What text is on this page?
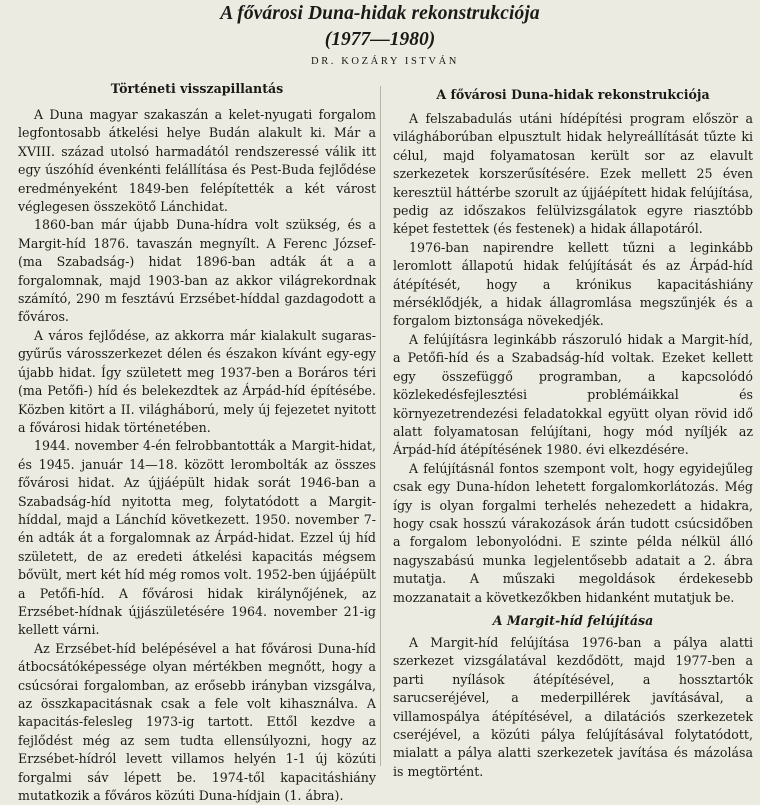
A fővárosi Duna-hidak rekonstrukciója
(1977—1980)
DR. KOZÁRY ISTVÁN
Történeti visszapillantás

A Duna magyar szakaszán a kelet-nyugati forgalom legfontosabb átkelési helye Budán alakult ki. Már a XVIII. század utolsó harmadától rendszeressé válik itt egy úszóhíd évenkénti felállítása és Pest-Buda fejlődése eredményeként 1849-ben felépítették a két várost véglegesen összekötő Lánchidat.

1860-ban már újabb Duna-hídra volt szükség, és a Margit-híd 1876. tavaszán megnyílt. A Ferenc József- (ma Szabadság-) hidat 1896-ban adták át a a forgalomnak, majd 1903-ban az akkor világrekordnak számító, 290 m fesztávú Erzsébet-híddal gazdagodott a főváros.

A város fejlődése, az akkorra már kialakult sugaras-gyűrűs városszerkezet délen és északon kívánt egy-egy újabb hidat. Így született meg 1937-ben a Boráros téri (ma Petőfi-) híd és belekezdtek az Árpád-híd építésébe. Közben kitört a II. világháború, mely új fejezetet nyitott a fővárosi hidak történetében.

1944. november 4-én felrobbantották a Margit-hidat, és 1945. január 14—18. között lerombolták az összes fővárosi hidat. Az újjáépült hidak sorát 1946-ban a Szabadság-híd nyitotta meg, folytatódott a Margit-híddal, majd a Lánchíd következett. 1950. november 7-én adták át a forgalomnak az Árpád-hidat. Ezzel új híd született, de az eredeti átkelési kapacitás mégsem bővült, mert két híd még romos volt. 1952-ben újjáépült a Petőfi-híd. A fővárosi hidak királynőjének, az Erzsébet-hídnak újjászületésére 1964. november 21-ig kellett várni.

Az Erzsébet-híd belépésével a hat fővárosi Duna-híd átbocsátóképessége olyan mértékben megnőtt, hogy a csúcsórai forgalomban, az erősebb irányban vizsgálva, az összkapacitásnak csak a fele volt kihasználva. A kapacitás-felesleg 1973-ig tartott. Ettől kezdve a fejlődést még az sem tudta ellensúlyozni, hogy az Erzsébet-hídról levett villamos helyén 1-1 új közúti forgalmi sáv lépett be. 1974-től kapacitáshiány mutatkozik a főváros közúti Duna-hídjain (1. ábra).

A fővárosi Duna-hidak rekonstrukciója

A felszabadulás utáni hídépítési program először a világháborúban elpusztult hidak helyreállítását tűzte ki célul, majd folyamatosan került sor az elavult szerkezetek korszerűsítésére. Ezek mellett 25 éven keresztül háttérbe szorult az újjáépített hidak felújítása, pedig az időszakos felülvizsgálatok egyre riasztóbb képet festettek (és festenek) a hidak állapotáról.

1976-ban napirendre kellett tűzni a leginkább leromlott állapotú hidak felújítását és az Árpád-híd átépítését, hogy a krónikus kapacitáshiány mérséklődjék, a hidak állagromlása megszűnjék és a forgalom biztonsága növekedjék.

A felújításra leginkább rászoruló hidak a Margit-híd, a Petőfi-híd és a Szabadság-híd voltak. Ezeket kellett egy összefüggő programban, a kapcsolódó közlekedésfejlesztési problémáikkal és környezetrendezési feladatokkal együtt olyan rövid idő alatt folyamatosan felújítani, hogy mód nyíljék az Árpád-híd átépítésének 1980. évi elkezdésére.

A felújításnál fontos szempont volt, hogy egyidejűleg csak egy Duna-hídon lehetett forgalomkorlátozás. Még így is olyan forgalmi terhelés nehezedett a hidakra, hogy csak hosszú várakozások árán tudott csúcsidőben a forgalom lebonyolódni. E szinte példa nélkül álló nagyszabású munka legjelentősebb adatait a 2. ábra mutatja. A műszaki megoldások érdekesebb mozzanatait a következőkben hidanként mutatjuk be.

A Margit-híd felújítása

A Margit-híd felújítása 1976-ban a pálya alatti szerkezet vizsgálatával kezdődött, majd 1977-ben a parti nyílások átépítésével, a hossztartók sarucseréjével, a mederpillérek javításával, a villamospálya átépítésével, a dilatációs szerkezetek cseréjével, a közúti pálya felújításával folytatódott, mialatt a pálya alatti szerkezetek javítása és mázolása is megtörtént.
